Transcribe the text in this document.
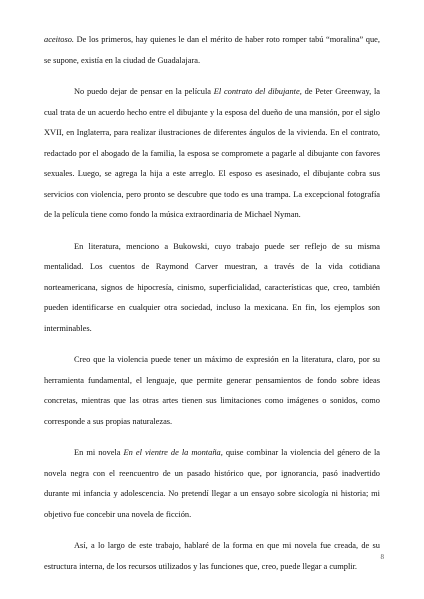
aceitoso. De los primeros, hay quienes le dan el mérito de haber roto romper tabú “moralina” que, se supone, existía en la ciudad de Guadalajara.

No puedo dejar de pensar en la película El contrato del dibujante, de Peter Greenway, la cual trata de un acuerdo hecho entre el dibujante y la esposa del dueño de una mansión, por el siglo XVII, en Inglaterra, para realizar ilustraciones de diferentes ángulos de la vivienda. En el contrato, redactado por el abogado de la familia, la esposa se compromete a pagarle al dibujante con favores sexuales. Luego, se agrega la hija a este arreglo. El esposo es asesinado, el dibujante cobra sus servicios con violencia, pero pronto se descubre que todo es una trampa. La excepcional fotografía de la película tiene como fondo la música extraordinaria de Michael Nyman.

En literatura, menciono a Bukowski, cuyo trabajo puede ser reflejo de su misma mentalidad. Los cuentos de Raymond Carver muestran, a través de la vida cotidiana norteamericana, signos de hipocresía, cinismo, superficialidad, características que, creo, también pueden identificarse en cualquier otra sociedad, incluso la mexicana. En fin, los ejemplos son interminables.

Creo que la violencia puede tener un máximo de expresión en la literatura, claro, por su herramienta fundamental, el lenguaje, que permite generar pensamientos de fondo sobre ideas concretas, mientras que las otras artes tienen sus limitaciones como imágenes o sonidos, como corresponde a sus propias naturalezas.

En mi novela En el vientre de la montaña, quise combinar la violencia del género de la novela negra con el reencuentro de un pasado histórico que, por ignorancia, pasó inadvertido durante mi infancia y adolescencia. No pretendí llegar a un ensayo sobre sicología ni historia; mi objetivo fue concebir una novela de ficción.

Así, a lo largo de este trabajo, hablaré de la forma en que mi novela fue creada, de su estructura interna, de los recursos utilizados y las funciones que, creo, puede llegar a cumplir.

8
